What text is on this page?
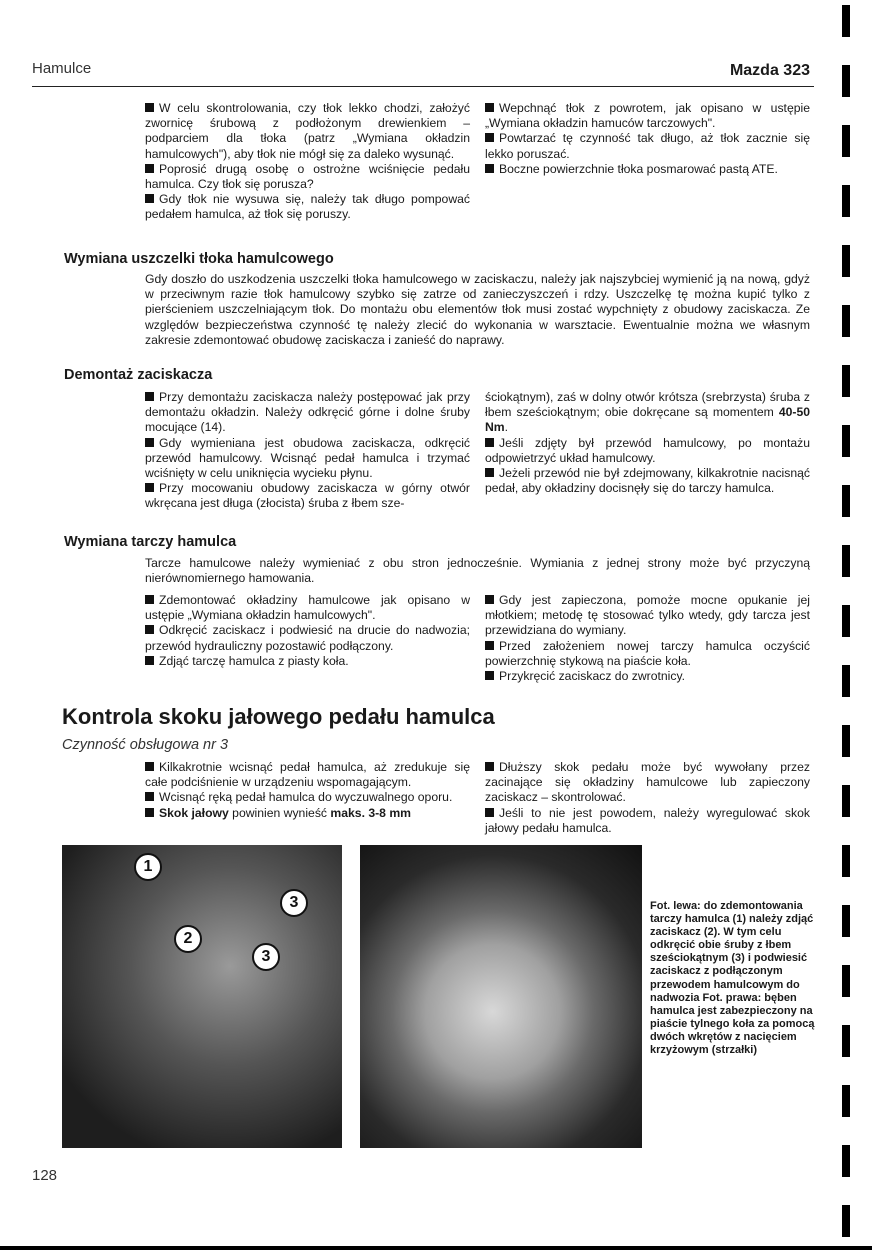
Hamulce	Mazda 323

W celu skontrolowania, czy tłok lekko chodzi, założyć zwornicę śrubową z podłożonym drewienkiem – podparciem dla tłoka (patrz „Wymiana okładzin hamulcowych"), aby tłok nie mógł się za daleko wysunąć.

Poprosić drugą osobę o ostrożne wciśnięcie pedału hamulca. Czy tłok się porusza?

Gdy tłok nie wysuwa się, należy tak długo pompować pedałem hamulca, aż tłok się poruszy.

Wepchnąć tłok z powrotem, jak opisano w ustępie „Wymiana okładzin hamuców tarczowych".

Powtarzać tę czynność tak długo, aż tłok zacznie się lekko poruszać.

Boczne powierzchnie tłoka posmarować pastą ATE.

Wymiana uszczelki tłoka hamulcowego
Gdy doszło do uszkodzenia uszczelki tłoka hamulcowego w zaciskaczu, należy jak najszybciej wymienić ją na nową, gdyż w przeciwnym razie tłok hamulcowy szybko się zatrze od zanieczyszczeń i rdzy. Uszczelkę tę można kupić tylko z pierścieniem uszczelniającym tłok. Do montażu obu elementów tłok musi zostać wypchnięty z obudowy zaciskacza. Ze względów bezpieczeństwa czynność tę należy zlecić do wykonania w warsztacie. Ewentualnie można we własnym zakresie zdemontować obudowę zaciskacza i zanieść do naprawy.
Demontaż zaciskacza

Przy demontażu zaciskacza należy postępować jak przy demontażu okładzin. Należy odkręcić górne i dolne śruby mocujące (14).

Gdy wymieniana jest obudowa zaciskacza, odkręcić przewód hamulcowy. Wcisnąć pedał hamulca i trzymać wciśnięty w celu uniknięcia wycieku płynu.

Przy mocowaniu obudowy zaciskacza w górny otwór wkręcana jest długa (złocista) śruba z łbem sze-

ściokątnym), zaś w dolny otwór krótsza (srebrzysta) śruba z łbem sześciokątnym; obie dokręcane są momentem 40-50 Nm.

Jeśli zdjęty był przewód hamulcowy, po montażu odpowietrzyć układ hamulcowy.

Jeżeli przewód nie był zdejmowany, kilkakrotnie nacisnąć pedał, aby okładziny docisnęły się do tarczy hamulca.

Wymiana tarczy hamulca
Tarcze hamulcowe należy wymieniać z obu stron jednocześnie. Wymiania z jednej strony może być przyczyną nierównomiernego hamowania.

Zdemontować okładziny hamulcowe jak opisano w ustępie „Wymiana okładzin hamulcowych".

Odkręcić zaciskacz i podwiesić na drucie do nadwozia; przewód hydrauliczny pozostawić podłączony.

Zdjąć tarczę hamulca z piasty koła.

Gdy jest zapieczona, pomoże mocne opukanie jej młotkiem; metodę tę stosować tylko wtedy, gdy tarcza jest przewidziana do wymiany.

Przed założeniem nowej tarczy hamulca oczyścić powierzchnię stykową na piaście koła.

Przykręcić zaciskacz do zwrotnicy.

Kontrola skoku jałowego pedału hamulca
Czynność obsługowa nr 3

Kilkakrotnie wcisnąć pedał hamulca, aż zredukuje się całe podciśnienie w urządzeniu wspomagającym.

Wcisnąć ręką pedał hamulca do wyczuwalnego oporu.

Skok jałowy powinien wynieść maks. 3-8 mm

Dłuższy skok pedału może być wywołany przez zacinające się okładziny hamulcowe lub zapieczony zaciskacz – skontrolować.

Jeśli to nie jest powodem, należy wyregulować skok jałowy pedału hamulca.

1
2
3
3
Fot. lewa: do zdemontowania tarczy hamulca (1) należy zdjąć zaciskacz (2). W tym celu odkręcić obie śruby z łbem sześciokątnym (3) i podwiesić zaciskacz z podłączonym przewodem hamulcowym do nadwozia Fot. prawa: bęben hamulca jest zabezpieczony na piaście tylnego koła za pomocą dwóch wkrętów z nacięciem krzyżowym (strzałki)
128
